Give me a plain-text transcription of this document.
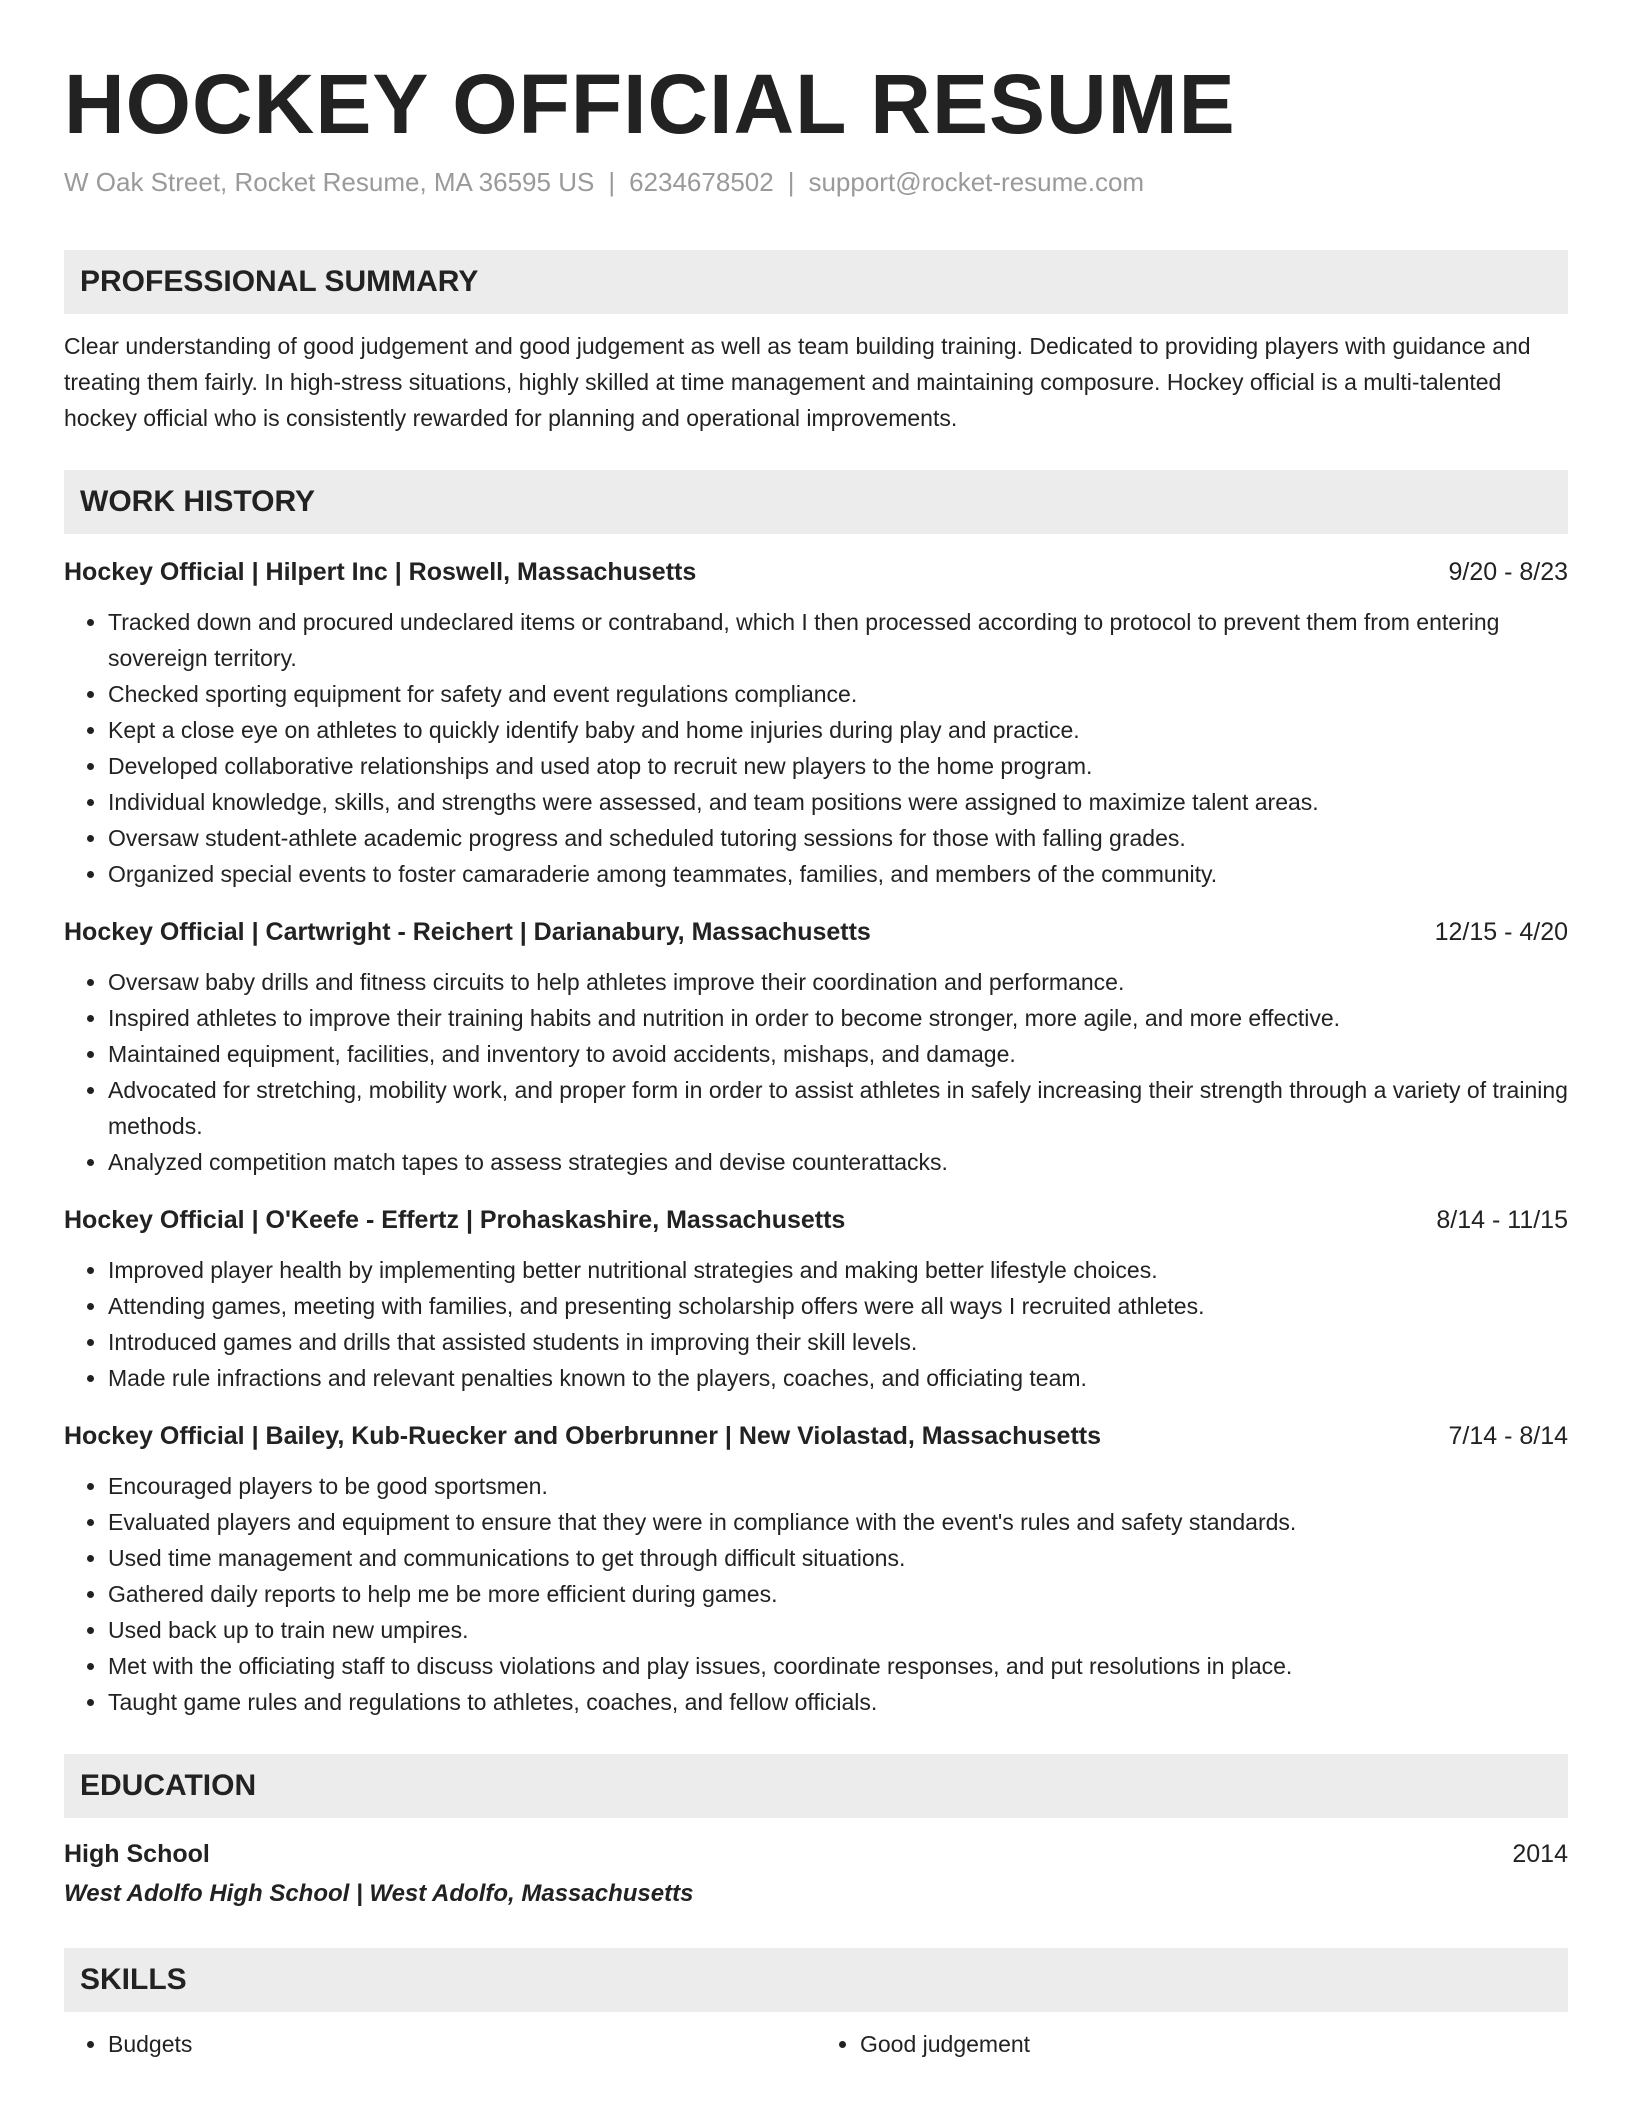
HOCKEY OFFICIAL RESUME
W Oak Street, Rocket Resume, MA 36595 US | 6234678502 | support@rocket-resume.com
PROFESSIONAL SUMMARY
Clear understanding of good judgement and good judgement as well as team building training. Dedicated to providing players with guidance and treating them fairly. In high-stress situations, highly skilled at time management and maintaining composure. Hockey official is a multi-talented hockey official who is consistently rewarded for planning and operational improvements.
WORK HISTORY
Hockey Official | Hilpert Inc | Roswell, Massachusetts	9/20 - 8/23
• Tracked down and procured undeclared items or contraband, which I then processed according to protocol to prevent them from entering sovereign territory.
• Checked sporting equipment for safety and event regulations compliance.
• Kept a close eye on athletes to quickly identify baby and home injuries during play and practice.
• Developed collaborative relationships and used atop to recruit new players to the home program.
• Individual knowledge, skills, and strengths were assessed, and team positions were assigned to maximize talent areas.
• Oversaw student-athlete academic progress and scheduled tutoring sessions for those with falling grades.
• Organized special events to foster camaraderie among teammates, families, and members of the community.
Hockey Official | Cartwright - Reichert | Darianabury, Massachusetts	12/15 - 4/20
• Oversaw baby drills and fitness circuits to help athletes improve their coordination and performance.
• Inspired athletes to improve their training habits and nutrition in order to become stronger, more agile, and more effective.
• Maintained equipment, facilities, and inventory to avoid accidents, mishaps, and damage.
• Advocated for stretching, mobility work, and proper form in order to assist athletes in safely increasing their strength through a variety of training methods.
• Analyzed competition match tapes to assess strategies and devise counterattacks.
Hockey Official | O'Keefe - Effertz | Prohaskashire, Massachusetts	8/14 - 11/15
• Improved player health by implementing better nutritional strategies and making better lifestyle choices.
• Attending games, meeting with families, and presenting scholarship offers were all ways I recruited athletes.
• Introduced games and drills that assisted students in improving their skill levels.
• Made rule infractions and relevant penalties known to the players, coaches, and officiating team.
Hockey Official | Bailey, Kub-Ruecker and Oberbrunner | New Violastad, Massachusetts	7/14 - 8/14
• Encouraged players to be good sportsmen.
• Evaluated players and equipment to ensure that they were in compliance with the event's rules and safety standards.
• Used time management and communications to get through difficult situations.
• Gathered daily reports to help me be more efficient during games.
• Used back up to train new umpires.
• Met with the officiating staff to discuss violations and play issues, coordinate responses, and put resolutions in place.
• Taught game rules and regulations to athletes, coaches, and fellow officials.
EDUCATION
High School	2014
West Adolfo High School | West Adolfo, Massachusetts
SKILLS
• Budgets
•	Good judgement
